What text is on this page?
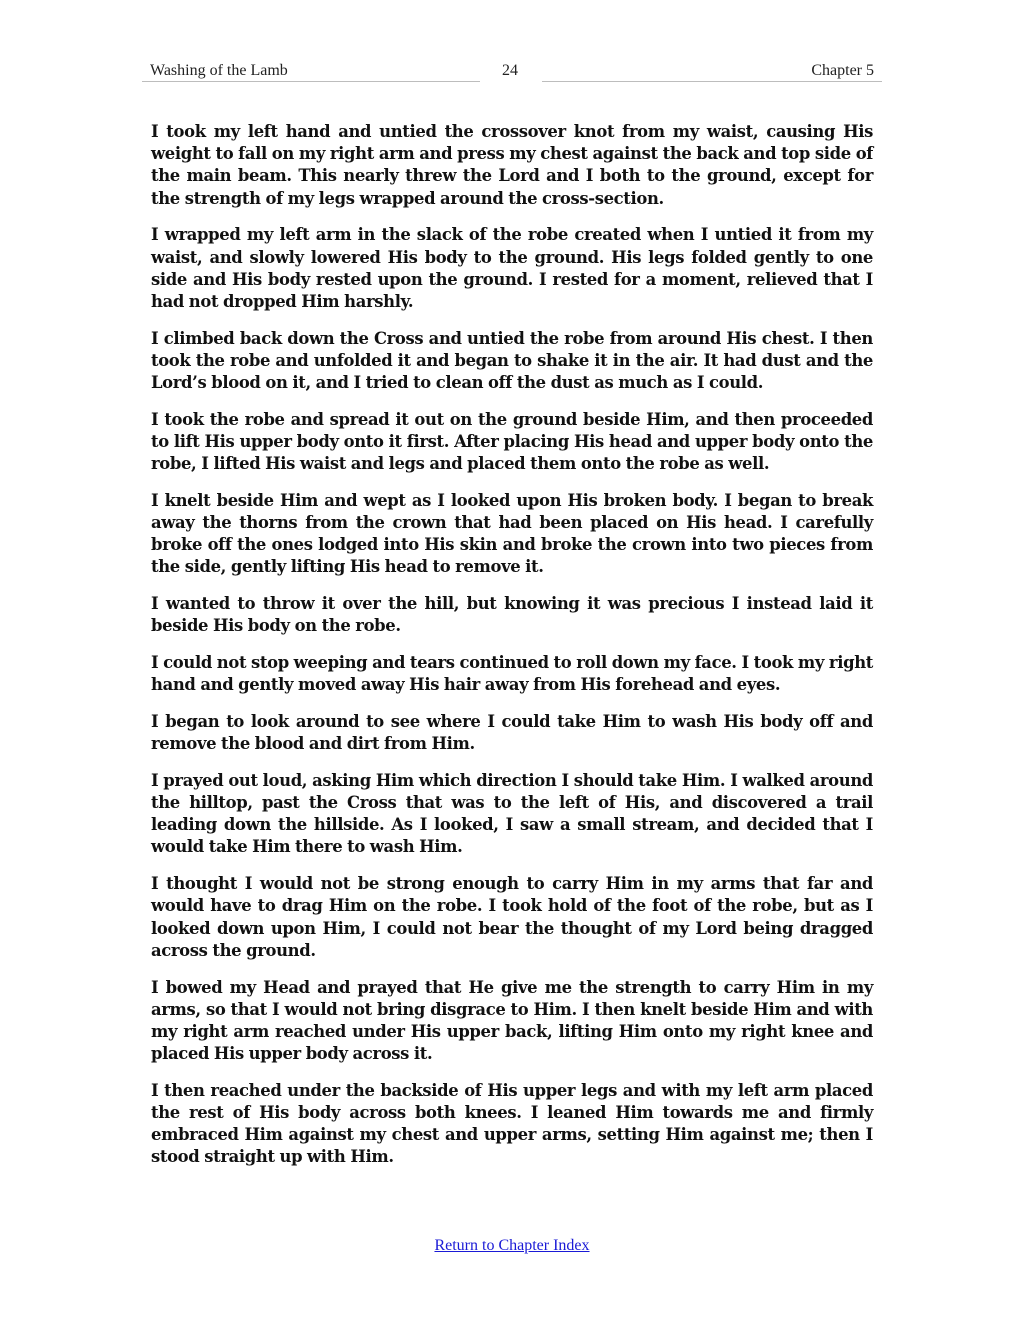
Washing of the Lamb	24	Chapter 5

I took my left hand and untied the crossover knot from my waist, causing His weight to fall on my right arm and press my chest against the back and top side of the main beam. This nearly threw the Lord and I both to the ground, except for the strength of my legs wrapped around the cross-section.

I wrapped my left arm in the slack of the robe created when I untied it from my waist, and slowly lowered His body to the ground. His legs folded gently to one side and His body rested upon the ground. I rested for a moment, relieved that I had not dropped Him harshly.

I climbed back down the Cross and untied the robe from around His chest. I then took the robe and unfolded it and began to shake it in the air. It had dust and the Lord’s blood on it, and I tried to clean off the dust as much as I could.

I took the robe and spread it out on the ground beside Him, and then proceeded to lift His upper body onto it first. After placing His head and upper body onto the robe, I lifted His waist and legs and placed them onto the robe as well.

I knelt beside Him and wept as I looked upon His broken body. I began to break away the thorns from the crown that had been placed on His head. I carefully broke off the ones lodged into His skin and broke the crown into two pieces from the side, gently lifting His head to remove it.

I wanted to throw it over the hill, but knowing it was precious I instead laid it beside His body on the robe.

I could not stop weeping and tears continued to roll down my face. I took my right hand and gently moved away His hair away from His forehead and eyes.

I began to look around to see where I could take Him to wash His body off and remove the blood and dirt from Him.

I prayed out loud, asking Him which direction I should take Him. I walked around the hilltop, past the Cross that was to the left of His, and discovered a trail leading down the hillside. As I looked, I saw a small stream, and decided that I would take Him there to wash Him.

I thought I would not be strong enough to carry Him in my arms that far and would have to drag Him on the robe. I took hold of the foot of the robe, but as I looked down upon Him, I could not bear the thought of my Lord being dragged across the ground.

I bowed my Head and prayed that He give me the strength to carry Him in my arms, so that I would not bring disgrace to Him. I then knelt beside Him and with my right arm reached under His upper back, lifting Him onto my right knee and placed His upper body across it.

I then reached under the backside of His upper legs and with my left arm placed the rest of His body across both knees. I leaned Him towards me and firmly embraced Him against my chest and upper arms, setting Him against me; then I stood straight up with Him.

Return to Chapter Index
